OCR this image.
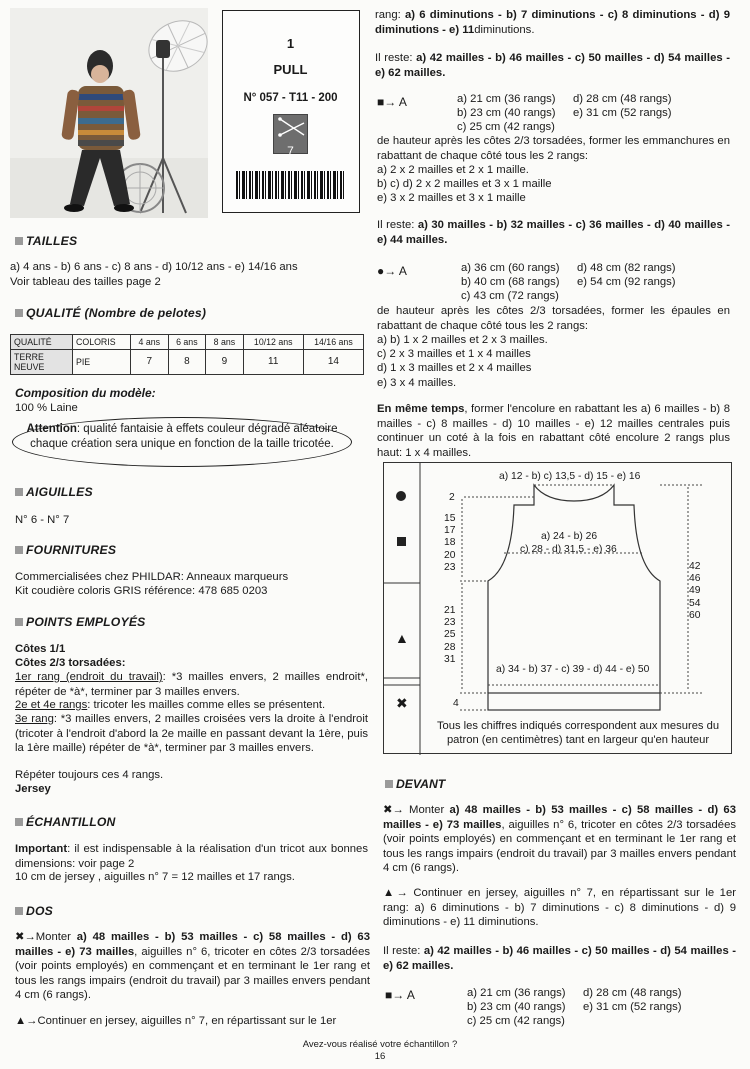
1
PULL
N° 057 - T11 - 200
7
TAILLES
a) 4 ans - b) 6 ans - c) 8 ans - d) 10/12 ans - e) 14/16 ans
Voir tableau des tailles page 2
QUALITÉ (Nombre de pelotes)
QUALITÉ	COLORIS	4 ans	6 ans	8 ans	10/12 ans	14/16 ans
TERRE NEUVE	PIE	7	8	9	11	14
Composition du modèle:
100 % Laine
Attention: qualité fantaisie à effets couleur dégradé aléatoire chaque création sera unique en fonction de la taille tricotée.
AIGUILLES
N° 6 - N° 7
FOURNITURES
Commercialisées chez PHILDAR: Anneaux marqueurs
Kit coudière coloris GRIS référence: 478 685 0203
POINTS EMPLOYÉS
Côtes 1/1
Côtes 2/3 torsadées:
1er rang (endroit du travail): *3 mailles envers, 2 mailles endroit*, répéter de *à*, terminer par 3 mailles envers.
2e et 4e rangs: tricoter les mailles comme elles se présentent.
3e rang: *3 mailles envers, 2 mailles croisées vers la droite à l'endroit (tricoter à l'endroit d'abord la 2e maille en passant devant la 1ère, puis la 1ère maille) répéter de *à*, terminer par 3 mailles envers.
Répéter toujours ces 4 rangs.
Jersey
ÉCHANTILLON
Important: il est indispensable à la réalisation d'un tricot aux bonnes dimensions: voir page 2
10 cm de jersey , aiguilles n° 7 = 12 mailles et 17 rangs.
DOS
✖→Monter a) 48 mailles - b) 53 mailles - c) 58 mailles - d) 63 mailles - e) 73 mailles, aiguilles n° 6, tricoter en côtes 2/3 torsadées (voir points employés) en commençant et en terminant le 1er rang et tous les rangs impairs (endroit du travail) par 3 mailles envers pendant 4 cm (6 rangs).
▲→Continuer en jersey, aiguilles n° 7, en répartissant sur le 1er
rang: a) 6 diminutions - b) 7 diminutions - c) 8 diminutions - d) 9 diminutions - e) 11diminutions.
Il reste: a) 42 mailles - b) 46 mailles - c) 50 mailles - d) 54 mailles - e) 62 mailles.
■→ A	a) 21 cm (36 rangs)	d) 28 cm (48 rangs)
b) 23 cm (40 rangs)	e) 31 cm (52 rangs)
c) 25 cm (42 rangs)
de hauteur après les côtes 2/3 torsadées, former les emmanchures en rabattant de chaque côté tous les 2 rangs:
a) 2 x 2 mailles et 2 x 1 maille.
b) c) d) 2 x 2 mailles et 3 x 1 maille
e) 3 x 2 mailles et 3 x 1 maille
Il reste: a) 30 mailles - b) 32 mailles - c) 36 mailles - d) 40 mailles - e) 44 mailles.
●→ A	a) 36 cm (60 rangs)	d) 48 cm (82 rangs)
b) 40 cm (68 rangs)	e) 54 cm (92 rangs)
c) 43 cm (72 rangs)
de hauteur après les côtes 2/3 torsadées, former les épaules en rabattant de chaque côté tous les 2 rangs:
a) b) 1 x 2 mailles et 2 x 3 mailles.
c) 2 x 3 mailles et 1 x 4 mailles
d) 1 x 3 mailles et 2 x 4 mailles
e) 3 x 4 mailles.
En même temps, former l'encolure en rabattant les a) 6 mailles - b) 8 mailles - c) 8 mailles - d) 10 mailles - e) 12 mailles centrales puis continuer un coté à la fois en rabattant côté encolure 2 rangs plus haut: 1 x 4 mailles.
▲
✖
a) 12 - b) c) 13,5 - d) 15 - e) 16
2
a) 24 - b) 26
c) 28 - d) 31,5 - e) 36
15
17
18
20
23
21
23
25
28
31
42
46
49
54
60
a) 34 - b) 37 - c) 39 - d) 44 - e) 50
4
Tous les chiffres indiqués correspondent aux mesures du patron (en centimètres) tant en largeur qu'en hauteur
DEVANT
✖→ Monter a) 48 mailles - b) 53 mailles - c) 58 mailles - d) 63 mailles - e) 73 mailles, aiguilles n° 6, tricoter en côtes 2/3 torsadées (voir points employés) en commençant et en terminant le 1er rang et tous les rangs impairs (endroit du travail) par 3 mailles envers pendant 4 cm (6 rangs).
▲→ Continuer en jersey, aiguilles n° 7, en répartissant sur le 1er rang: a) 6 diminutions - b) 7 diminutions - c) 8 diminutions - d) 9 diminutions - e) 11 diminutions.
Il reste: a) 42 mailles - b) 46 mailles - c) 50 mailles - d) 54 mailles - e) 62 mailles.
■→ A	a) 21 cm (36 rangs)	d) 28 cm (48 rangs)
b) 23 cm (40 rangs)	e) 31 cm (52 rangs)
c) 25 cm (42 rangs)
Avez-vous réalisé votre échantillon ?
16
